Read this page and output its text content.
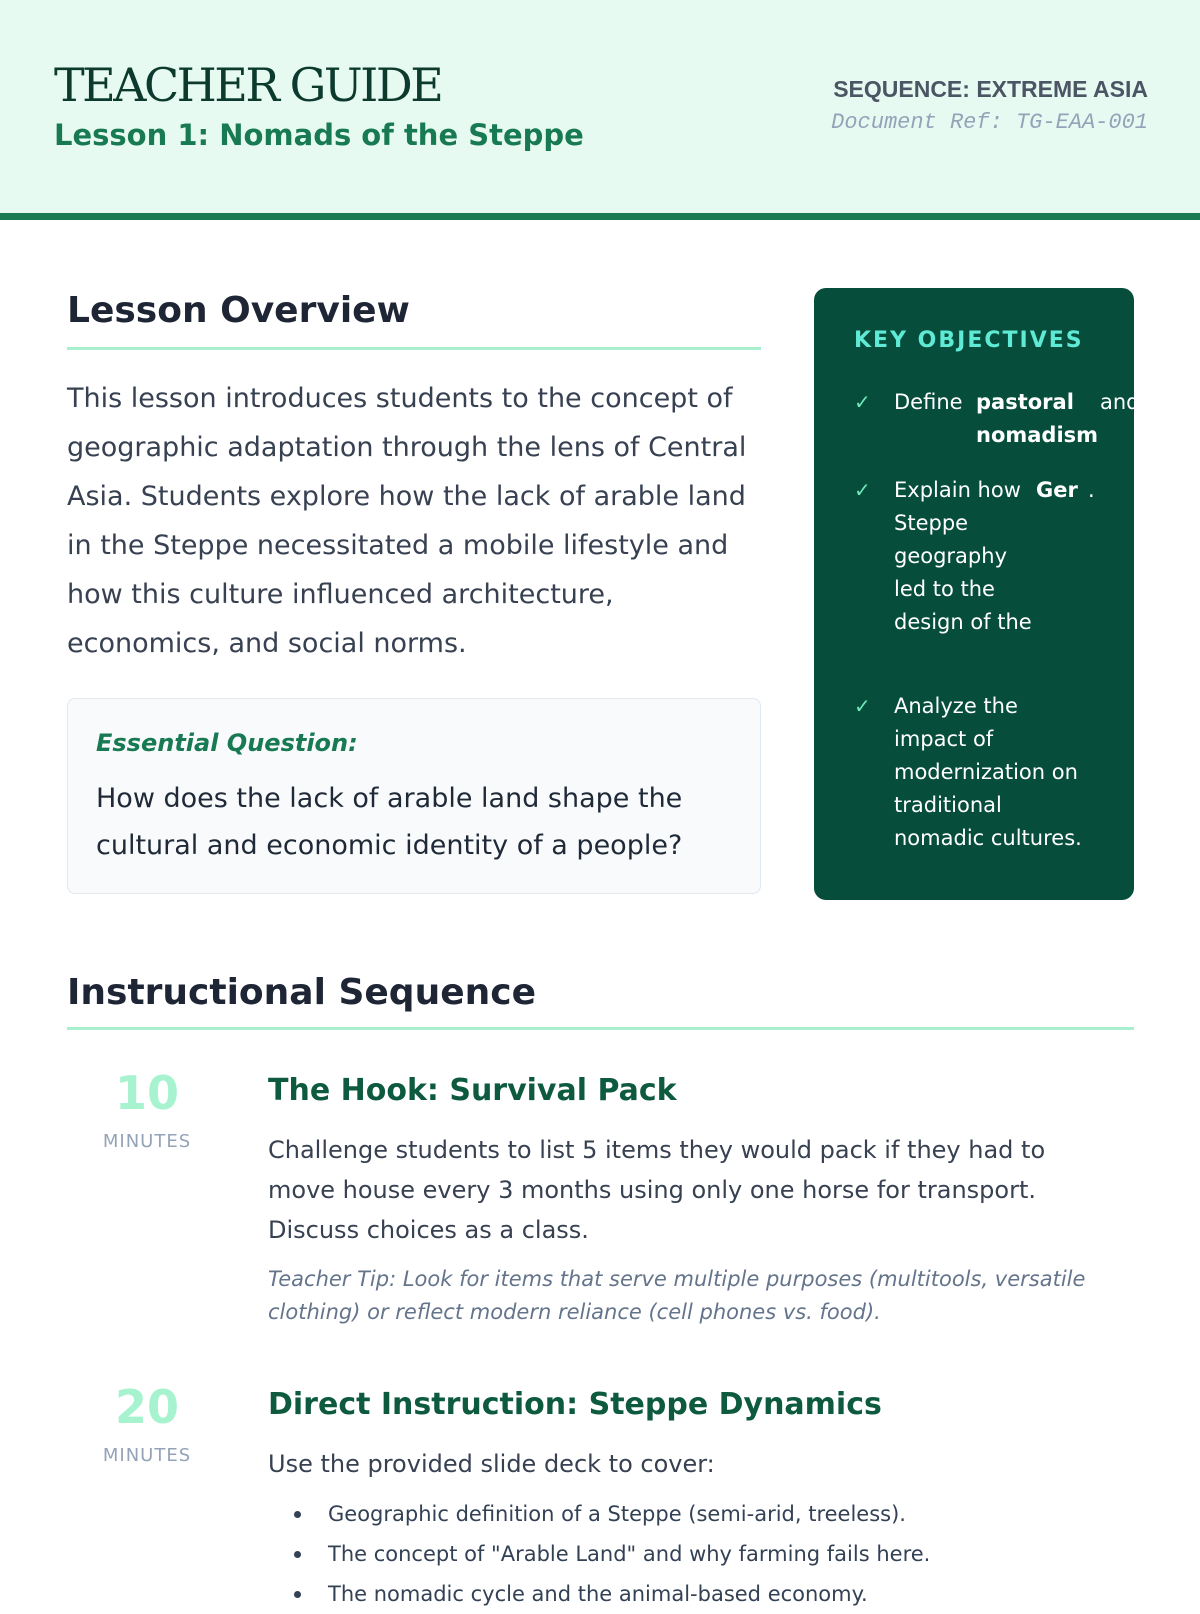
TEACHER GUIDE
Lesson 1: Nomads of the Steppe
SEQUENCE: EXTREME ASIA
Document Ref: TG-EAA-001
Lesson Overview
This lesson introduces students to the concept of geographic adaptation through the lens of Central Asia. Students explore how the lack of arable land in the Steppe necessitated a mobile lifestyle and how this culture influenced architecture, economics, and social norms.
Essential Question:
How does the lack of arable land shape the cultural and economic identity of a people?
KEY OBJECTIVES
✓ Define pastoral nomadism
and
✓ Explain how Steppe geography led to the design of the
Ger .
✓ Analyze the impact of modernization on traditional nomadic cultures.
Instructional Sequence
10
MINUTES
The Hook: Survival Pack
Challenge students to list 5 items they would pack if they had to move house every 3 months using only one horse for transport. Discuss choices as a class.
Teacher Tip: Look for items that serve multiple purposes (multitools, versatile clothing) or reflect modern reliance (cell phones vs. food).
20
MINUTES
Direct Instruction: Steppe Dynamics
Use the provided slide deck to cover:
Geographic definition of a Steppe (semi-arid, treeless).
The concept of "Arable Land" and why farming fails here.
The nomadic cycle and the animal-based economy.
